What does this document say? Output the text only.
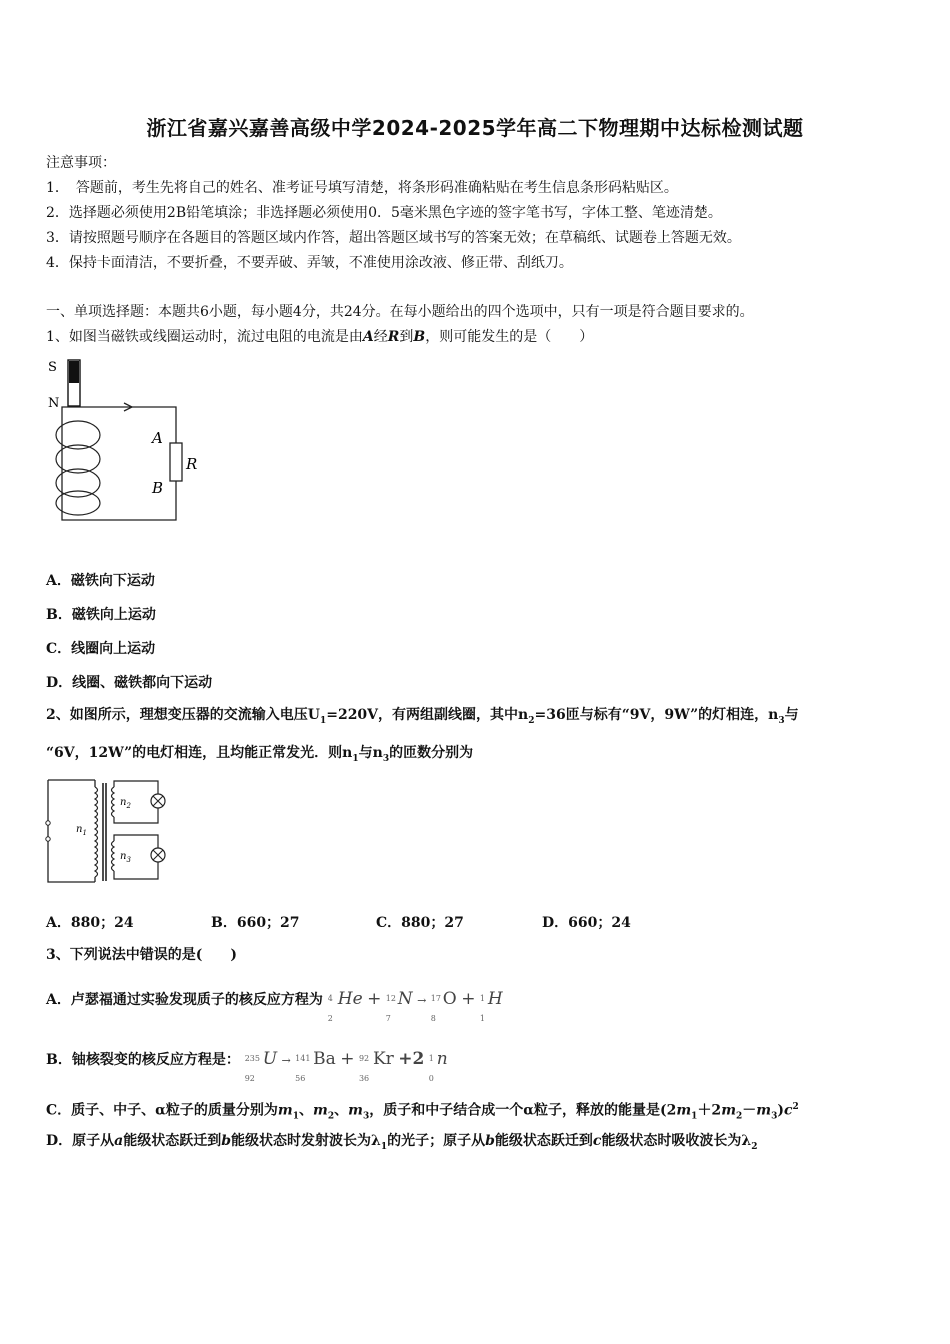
浙江省嘉兴嘉善高级中学2024-2025学年高二下物理期中达标检测试题
注意事项：
1．　答题前，考生先将自己的姓名、准考证号填写清楚，将条形码准确粘贴在考生信息条形码粘贴区。
2．选择题必须使用2B铅笔填涂；非选择题必须使用0．5毫米黑色字迹的签字笔书写，字体工整、笔迹清楚。
3．请按照题号顺序在各题目的答题区域内作答，超出答题区域书写的答案无效；在草稿纸、试题卷上答题无效。
4．保持卡面清洁，不要折叠，不要弄破、弄皱，不准使用涂改液、修正带、刮纸刀。
一、单项选择题：本题共6小题，每小题4分，共24分。在每小题给出的四个选项中，只有一项是符合题目要求的。
1、如图当磁铁或线圈运动时，流过电阻的电流是由A经R到B，则可能发生的是（　　）
S
N
A
B
R
A．磁铁向下运动
B．磁铁向上运动
C．线圈向上运动
D．线圈、磁铁都向下运动
2、如图所示，理想变压器的交流输入电压$U_1=220V$，有两组副线圈，其中$n_2=36$匝与标有“9V，9W”的灯相连，$n_3$与
“6V，12W”的电灯相连，且均能正常发光．则$n_1$与$n_3$的匝数分别为
$n_1$
$n_2$
$n_3$
A．880；24	B．660；27	C．880；27	D．660；24
3、下列说法中错误的是(　　)
A．卢瑟福通过实验发现质子的核反应方程为 4
2
He + 12
7
N → 17
8
O + 1
1
H
B．铀核裂变的核反应方程是： 235
92
U → 141
56
Ba + 92
36
Kr +2 1
0
n
C．质子、中子、α粒子的质量分别为$m_1$、$m_2$、$m_3$，质子和中子结合成一个α粒子，释放的能量是$(2m_1+2m_2-m_3)c^2$
D．原子从a能级状态跃迁到b能级状态时发射波长为$\lambda_1$的光子；原子从b能级状态跃迁到c能级状态时吸收波长为$\lambda_2$
